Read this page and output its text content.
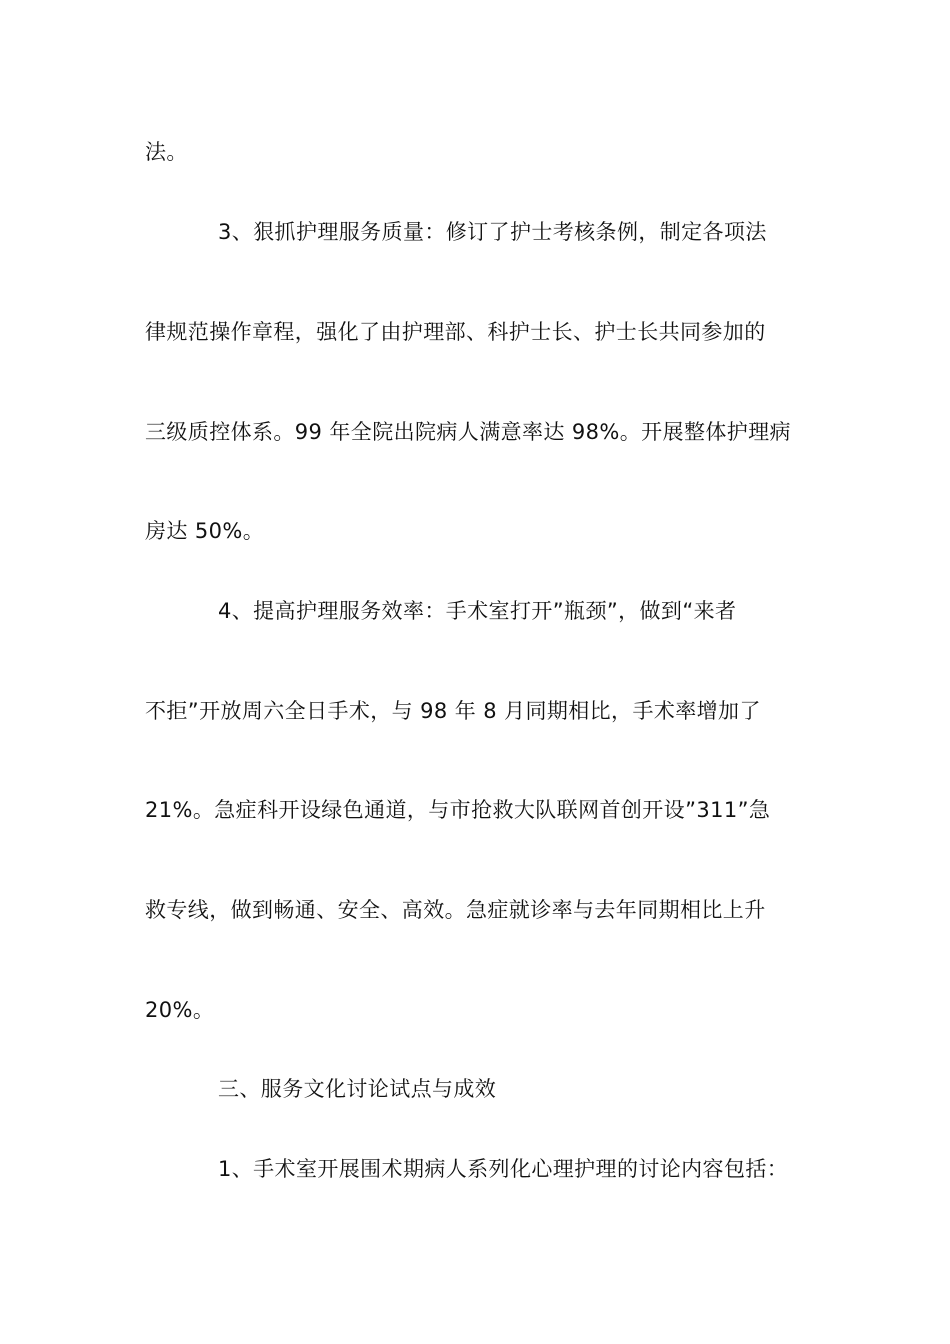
法。
3、狠抓护理服务质量：修订了护士考核条例，制定各项法
律规范操作章程，强化了由护理部、科护士长、护士长共同参加的
三级质控体系。99 年全院出院病人满意率达 98%。开展整体护理病
房达 50%。
4、提高护理服务效率：手术室打开”瓶颈”，做到“来者
不拒”开放周六全日手术，与 98 年 8 月同期相比，手术率增加了
21%。急症科开设绿色通道，与市抢救大队联网首创开设”311”急
救专线，做到畅通、安全、高效。急症就诊率与去年同期相比上升
20%。
三、服务文化讨论试点与成效
1、手术室开展围术期病人系列化心理护理的讨论内容包括：
